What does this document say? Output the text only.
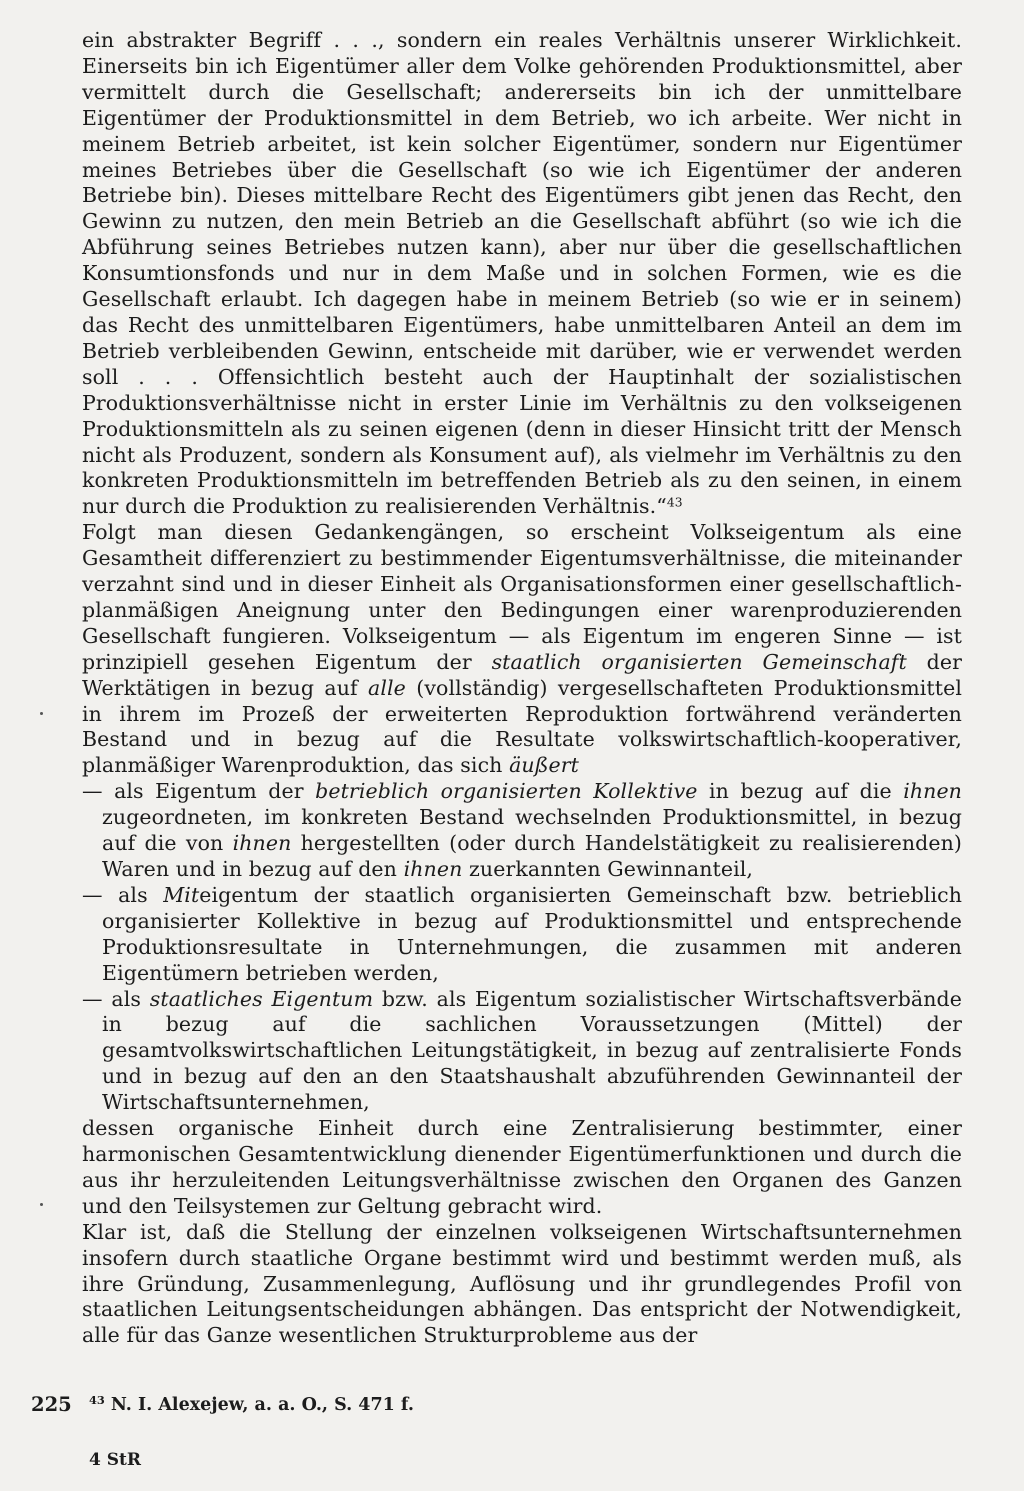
ein abstrakter Begriff . . ., sondern ein reales Verhältnis unserer Wirklichkeit. Einerseits bin ich Eigentümer aller dem Volke gehörenden Produktionsmittel, aber vermittelt durch die Gesellschaft; andererseits bin ich der unmittelbare Eigentümer der Produktionsmittel in dem Betrieb, wo ich arbeite. Wer nicht in meinem Betrieb arbeitet, ist kein solcher Eigentümer, sondern nur Eigentümer meines Betriebes über die Gesellschaft (so wie ich Eigentümer der anderen Betriebe bin). Dieses mittelbare Recht des Eigentümers gibt jenen das Recht, den Gewinn zu nutzen, den mein Betrieb an die Gesellschaft abführt (so wie ich die Abführung seines Betriebes nutzen kann), aber nur über die gesellschaftlichen Konsumtionsfonds und nur in dem Maße und in solchen Formen, wie es die Gesellschaft erlaubt. Ich dagegen habe in meinem Betrieb (so wie er in seinem) das Recht des unmittelbaren Eigentümers, habe unmittelbaren Anteil an dem im Betrieb verbleibenden Gewinn, entscheide mit darüber, wie er verwendet werden soll . . . Offensichtlich besteht auch der Hauptinhalt der sozialistischen Produktionsverhältnisse nicht in erster Linie im Verhältnis zu den volkseigenen Produktionsmitteln als zu seinen eigenen (denn in dieser Hinsicht tritt der Mensch nicht als Produzent, sondern als Konsument auf), als vielmehr im Verhältnis zu den konkreten Produktionsmitteln im betreffenden Betrieb als zu den seinen, in einem nur durch die Produktion zu realisierenden Verhältnis.“$^{43}$

Folgt man diesen Gedankengängen, so erscheint Volkseigentum als eine Gesamtheit differenziert zu bestimmender Eigentumsverhältnisse, die miteinander verzahnt sind und in dieser Einheit als Organisationsformen einer gesellschaftlich-planmäßigen Aneignung unter den Bedingungen einer warenproduzierenden Gesellschaft fungieren. Volkseigentum — als Eigentum im engeren Sinne — ist prinzipiell gesehen Eigentum der staatlich organisierten Gemeinschaft der Werktätigen in bezug auf alle (vollständig) vergesellschafteten Produktionsmittel in ihrem im Prozeß der erweiterten Reproduktion fortwährend veränderten Bestand und in bezug auf die Resultate volkswirtschaftlich-kooperativer, planmäßiger Warenproduktion, das sich äußert

— als Eigentum der betrieblich organisierten Kollektive in bezug auf die ihnen zugeordneten, im konkreten Bestand wechselnden Produktionsmittel, in bezug auf die von ihnen hergestellten (oder durch Handelstätigkeit zu realisierenden) Waren und in bezug auf den ihnen zuerkannten Gewinnanteil,

— als Miteigentum der staatlich organisierten Gemeinschaft bzw. betrieblich organisierter Kollektive in bezug auf Produktionsmittel und entsprechende Produktionsresultate in Unternehmungen, die zusammen mit anderen Eigentümern betrieben werden,

— als staatliches Eigentum bzw. als Eigentum sozialistischer Wirtschaftsverbände in bezug auf die sachlichen Voraussetzungen (Mittel) der gesamtvolkswirtschaftlichen Leitungstätigkeit, in bezug auf zentralisierte Fonds und in bezug auf den an den Staatshaushalt abzuführenden Gewinnanteil der Wirtschaftsunternehmen,

dessen organische Einheit durch eine Zentralisierung bestimmter, einer harmonischen Gesamtentwicklung dienender Eigentümerfunktionen und durch die aus ihr herzuleitenden Leitungsverhältnisse zwischen den Organen des Ganzen und den Teilsystemen zur Geltung gebracht wird.

Klar ist, daß die Stellung der einzelnen volkseigenen Wirtschaftsunternehmen insofern durch staatliche Organe bestimmt wird und bestimmt werden muß, als ihre Gründung, Zusammenlegung, Auflösung und ihr grundlegendes Profil von staatlichen Leitungsentscheidungen abhängen. Das entspricht der Notwendigkeit, alle für das Ganze wesentlichen Strukturprobleme aus der

225 $^{43}$ N. I. Alexejew, a. a. O., S. 471 f.
4 StR
